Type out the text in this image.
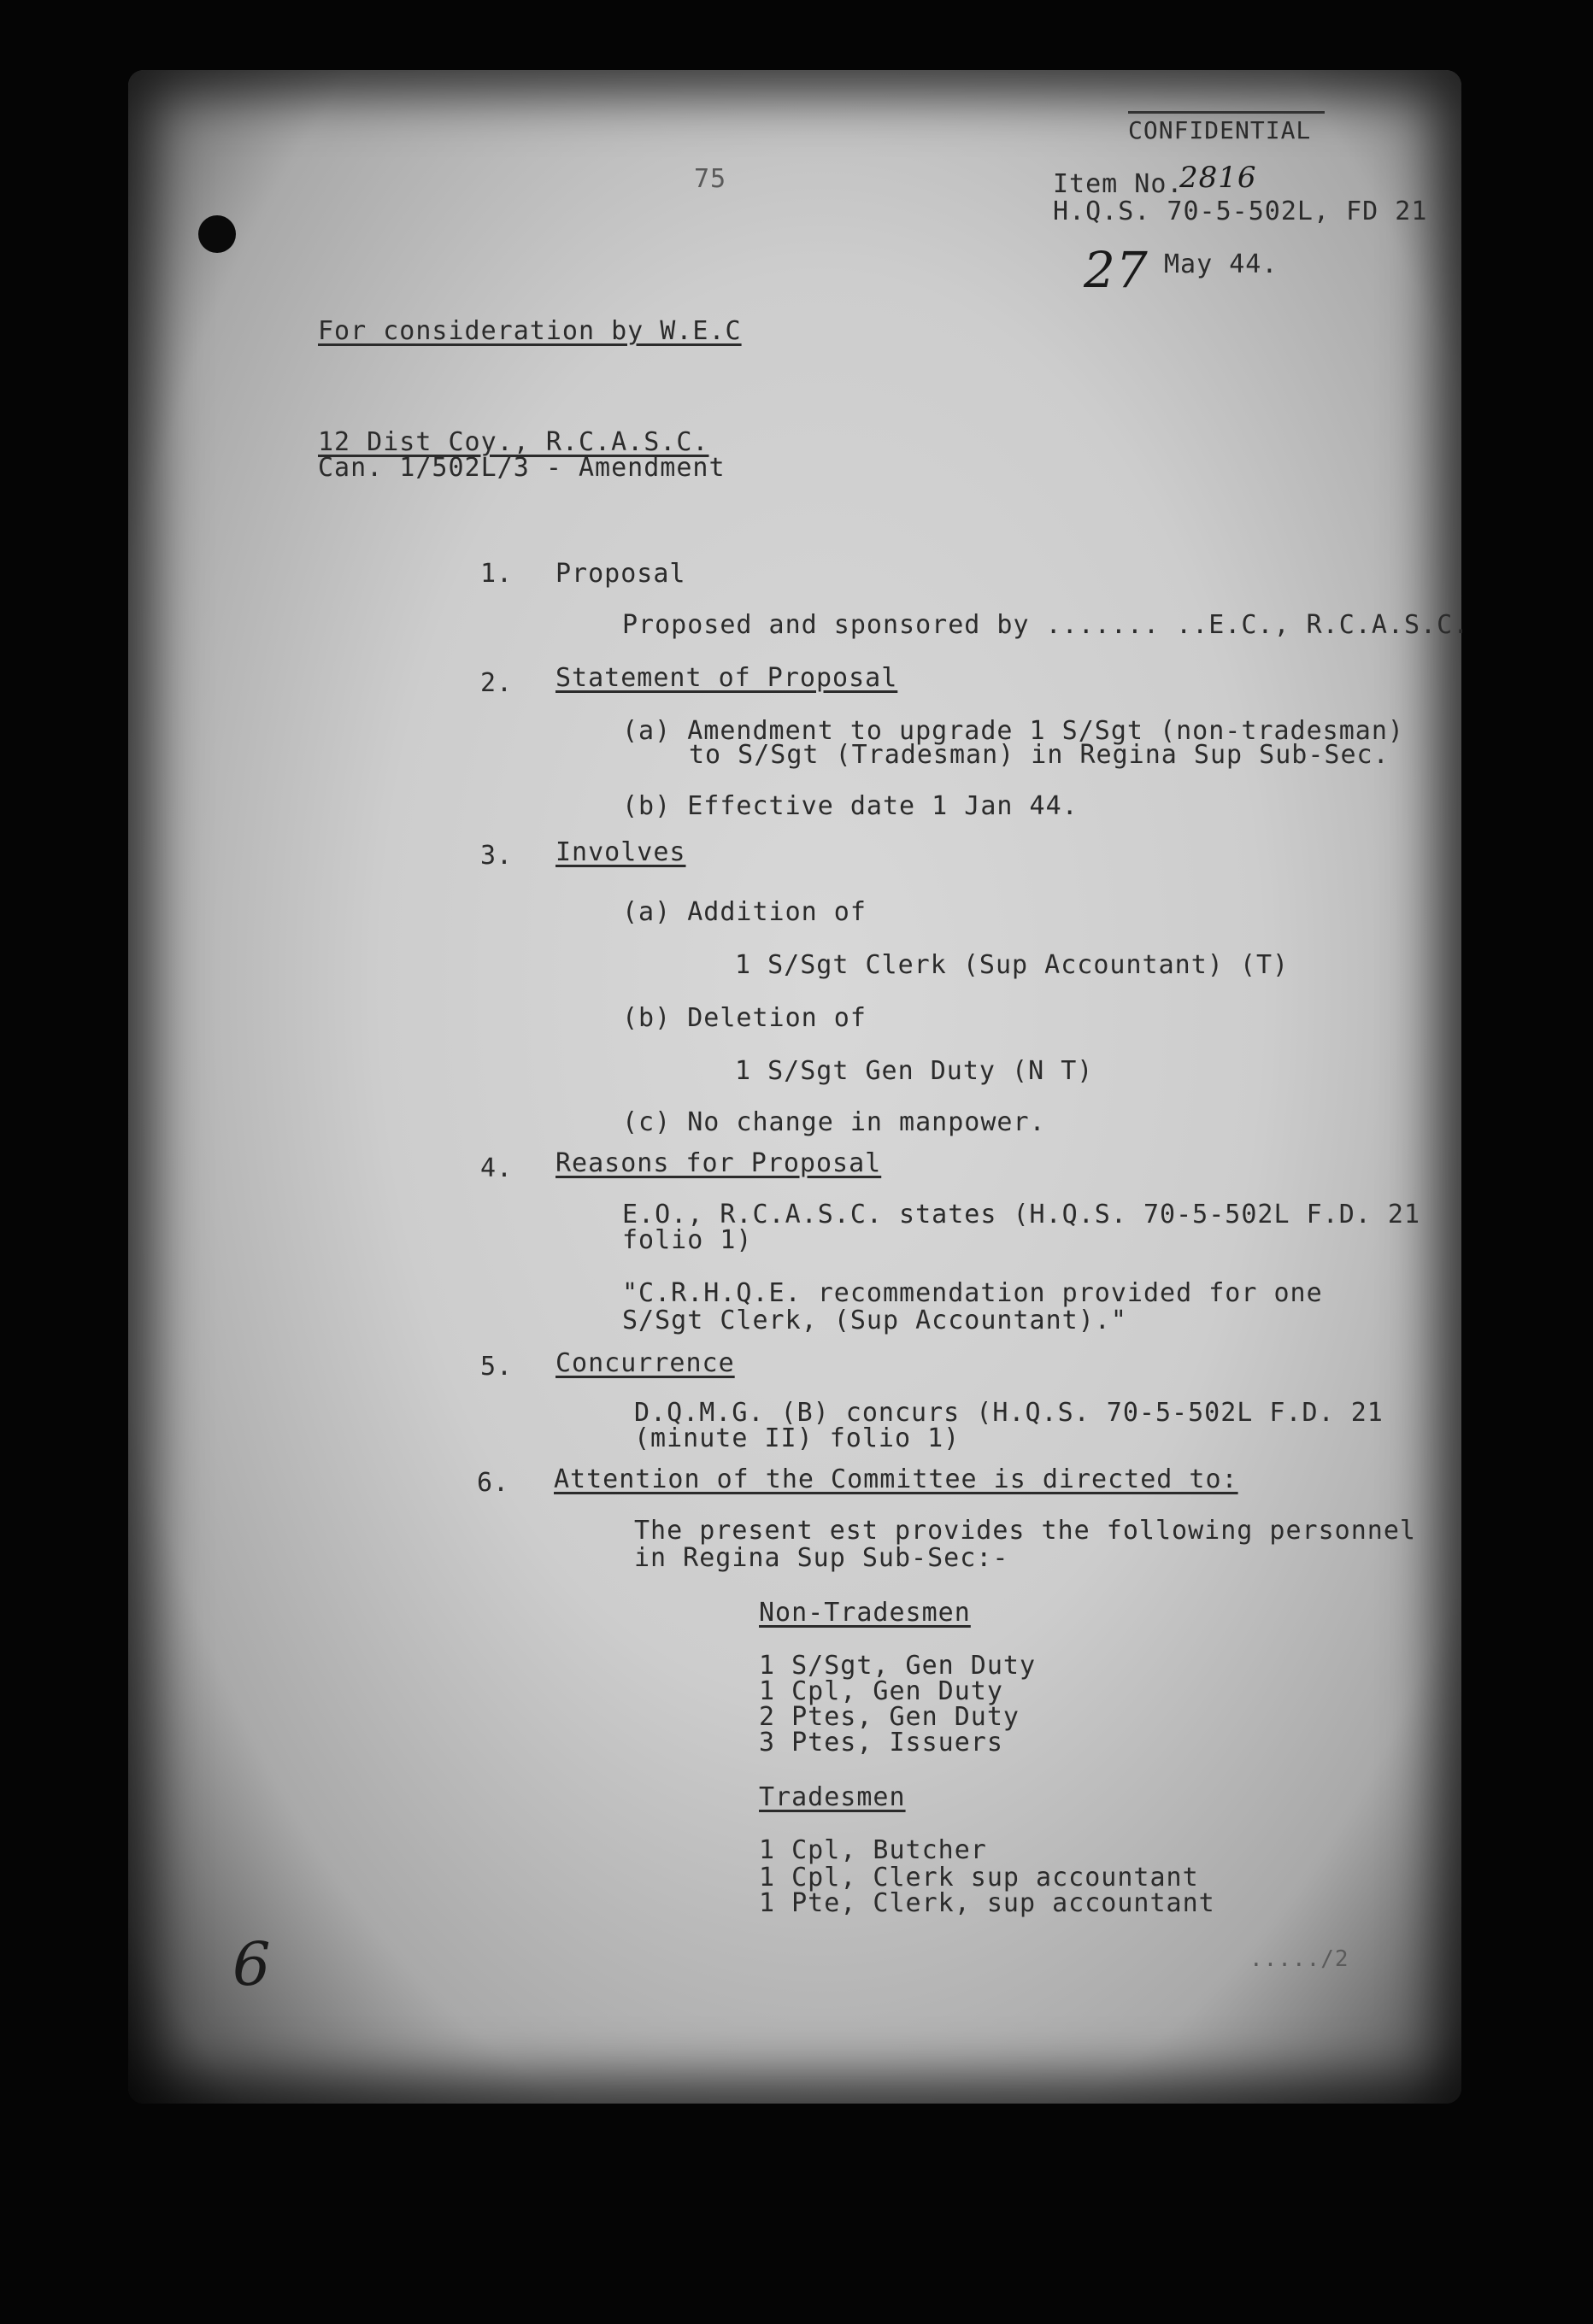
CONFIDENTIAL
75	Item No.
2816
H.Q.S. 70-5-502L, FD 21
27 May 44.
For consideration by W.E.C
12 Dist Coy., R.C.A.S.C.
Can. 1/502L/3 - Amendment
1. Proposal
Proposed and sponsored by ....... ..E.C., R.C.A.S.C.
2. Statement of Proposal
(a) Amendment to upgrade 1 S/Sgt (non-tradesman)
to S/Sgt (Tradesman) in Regina Sup Sub-Sec.
(b) Effective date 1 Jan 44.
3. Involves
(a) Addition of
1 S/Sgt Clerk (Sup Accountant) (T)
(b) Deletion of
1 S/Sgt Gen Duty (N T)
(c) No change in manpower.
4. Reasons for Proposal
E.O., R.C.A.S.C. states (H.Q.S. 70-5-502L F.D. 21
folio 1)
"C.R.H.Q.E. recommendation provided for one
S/Sgt Clerk, (Sup Accountant)."
5. Concurrence
D.Q.M.G. (B) concurs (H.Q.S. 70-5-502L F.D. 21
(minute II) folio 1)
6. Attention of the Committee is directed to:
The present est provides the following personnel
in Regina Sup Sub-Sec:-
Non-Tradesmen
1 S/Sgt, Gen Duty
1 Cpl, Gen Duty
2 Ptes, Gen Duty
3 Ptes, Issuers
Tradesmen
1 Cpl, Butcher
1 Cpl, Clerk sup accountant
1 Pte, Clerk, sup accountant
...../2
6
